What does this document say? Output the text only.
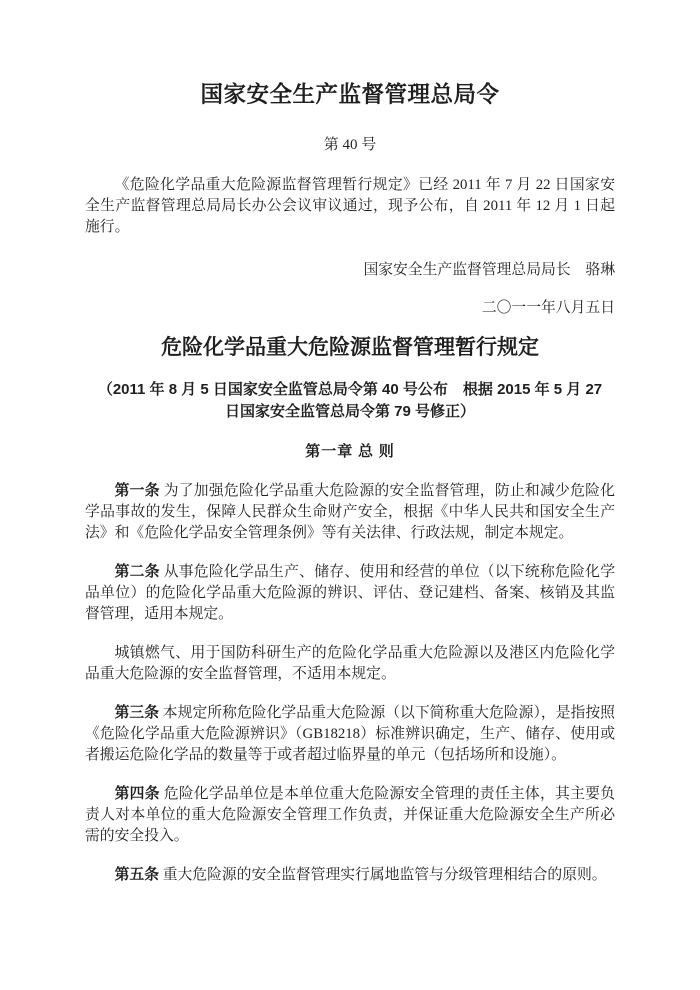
国家安全生产监督管理总局令
第 40 号

《危险化学品重大危险源监督管理暂行规定》已经 2011 年 7 月 22 日国家安全生产监督管理总局局长办公会议审议通过，现予公布，自 2011 年 12 月 1 日起施行。

国家安全生产监督管理总局局长　骆琳

二〇一一年八月五日

危险化学品重大危险源监督管理暂行规定
（2011 年 8 月 5 日国家安全监管总局令第 40 号公布　根据 2015 年 5 月 27
日国家安全监管总局令第 79 号修正）
第一章 总 则

第一条 为了加强危险化学品重大危险源的安全监督管理，防止和减少危险化学品事故的发生，保障人民群众生命财产安全，根据《中华人民共和国安全生产法》和《危险化学品安全管理条例》等有关法律、行政法规，制定本规定。

第二条 从事危险化学品生产、储存、使用和经营的单位（以下统称危险化学品单位）的危险化学品重大危险源的辨识、评估、登记建档、备案、核销及其监督管理，适用本规定。

城镇燃气、用于国防科研生产的危险化学品重大危险源以及港区内危险化学品重大危险源的安全监督管理，不适用本规定。

第三条 本规定所称危险化学品重大危险源（以下简称重大危险源），是指按照《危险化学品重大危险源辨识》（GB18218）标准辨识确定，生产、储存、使用或者搬运危险化学品的数量等于或者超过临界量的单元（包括场所和设施）。

第四条 危险化学品单位是本单位重大危险源安全管理的责任主体，其主要负责人对本单位的重大危险源安全管理工作负责，并保证重大危险源安全生产所必需的安全投入。

第五条 重大危险源的安全监督管理实行属地监管与分级管理相结合的原则。
